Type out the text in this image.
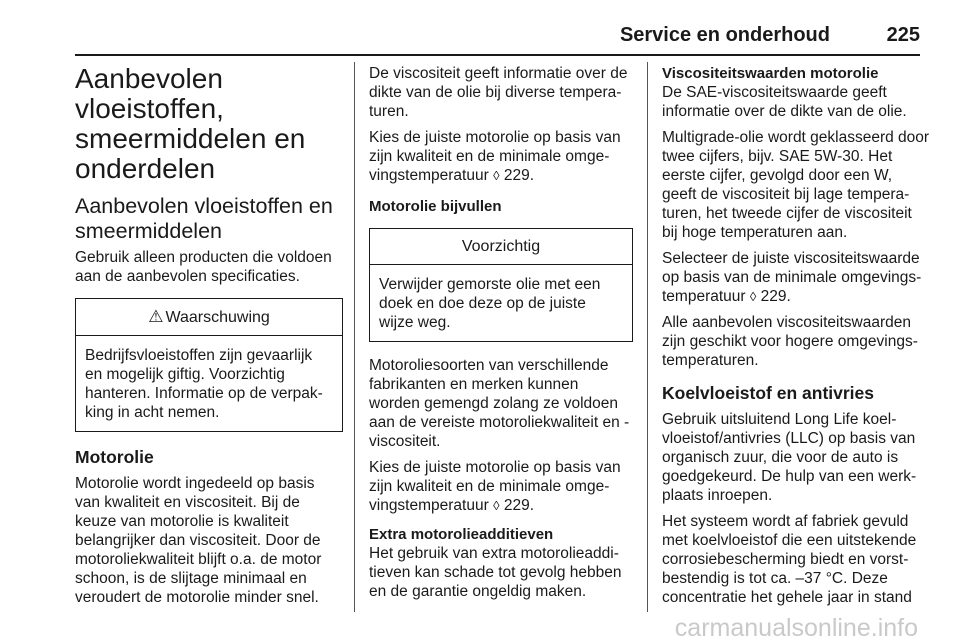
Service en onderhoud	225
Aanbevolen
vloeistoffen,
smeermiddelen en
onderdelen
Aanbevolen vloeistoffen en
smeermiddelen

Gebruik alleen producten die voldoen aan de aanbevolen specificaties.

⚠ Waarschuwing
Bedrijfsvloeistoffen zijn gevaarlijk en mogelijk giftig. Voorzichtig hanteren. Informatie op de verpakking in acht nemen.
Motorolie

Motorolie wordt ingedeeld op basis van kwaliteit en viscositeit. Bij de keuze van motorolie is kwaliteit belangrijker dan viscositeit. Door de motoroliekwaliteit blijft o.a. de motor schoon, is de slijtage minimaal en veroudert de motorolie minder snel.

De viscositeit geeft informatie over de dikte van de olie bij diverse temperaturen.

Kies de juiste motorolie op basis van zijn kwaliteit en de minimale omgevingstemperatuur ◊ 229.

Motorolie bijvullen
Voorzichtig
Verwijder gemorste olie met een doek en doe deze op de juiste wijze weg.

Motoroliesoorten van verschillende fabrikanten en merken kunnen worden gemengd zolang ze voldoen aan de vereiste motoroliekwaliteit en -viscositeit.

Kies de juiste motorolie op basis van zijn kwaliteit en de minimale omgevingstemperatuur ◊ 229.

Extra motorolieadditieven

Het gebruik van extra motorolieadditieven kan schade tot gevolg hebben en de garantie ongeldig maken.

Viscositeitswaarden motorolie

De SAE-viscositeitswaarde geeft informatie over de dikte van de olie.

Multigrade-olie wordt geklasseerd door twee cijfers, bijv. SAE 5W-30. Het eerste cijfer, gevolgd door een W, geeft de viscositeit bij lage temperaturen, het tweede cijfer de viscositeit bij hoge temperaturen aan.

Selecteer de juiste viscositeitswaarde op basis van de minimale omgevingstemperatuur ◊ 229.

Alle aanbevolen viscositeitswaarden zijn geschikt voor hogere omgevingstemperaturen.

Koelvloeistof en antivries

Gebruik uitsluitend Long Life koelvloeistof/antivries (LLC) op basis van organisch zuur, die voor de auto is goedgekeurd. De hulp van een werkplaats inroepen.

Het systeem wordt af fabriek gevuld met koelvloeistof die een uitstekende corrosiebescherming biedt en vorstbestendig is tot ca. –37 °C. Deze concentratie het gehele jaar in stand

carmanualsonline.info
